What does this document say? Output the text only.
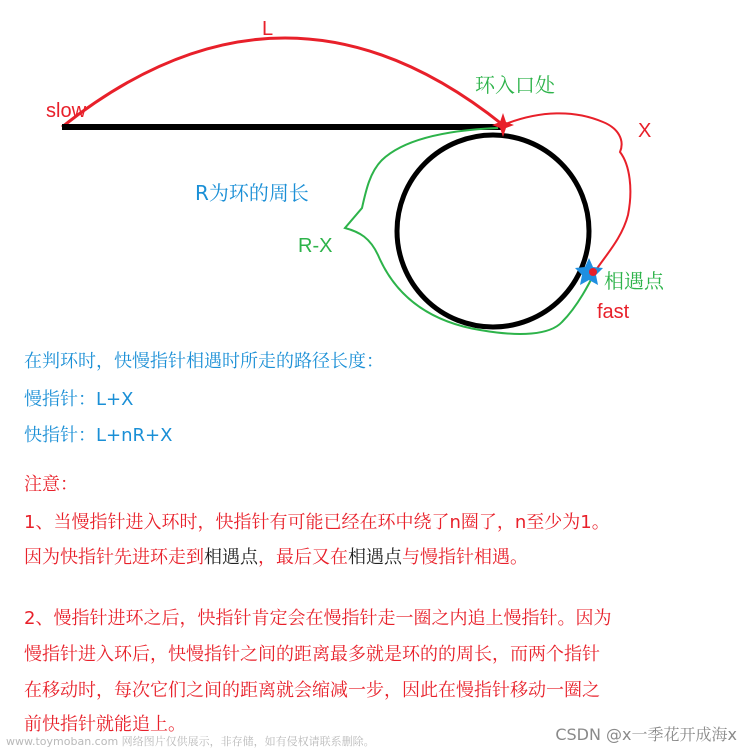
L
slow
环入口处
X
R为环的周长
R-X
相遇点
fast

在判环时，快慢指针相遇时所走的路径长度：

慢指针：L+X

快指针：L+nR+X

注意：

1、当慢指针进入环时，快指针有可能已经在环中绕了n圈了，n至少为1。

因为快指针先进环走到相遇点，最后又在相遇点与慢指针相遇。

2、慢指针进环之后，快指针肯定会在慢指针走一圈之内追上慢指针。因为

慢指针进入环后，快慢指针之间的距离最多就是环的的周长，而两个指针

在移动时，每次它们之间的距离就会缩减一步，因此在慢指针移动一圈之

前快指针就能追上。

www.toymoban.com 网络图片仅供展示，非存储，如有侵权请联系删除。	CSDN @x一季花开成海x
